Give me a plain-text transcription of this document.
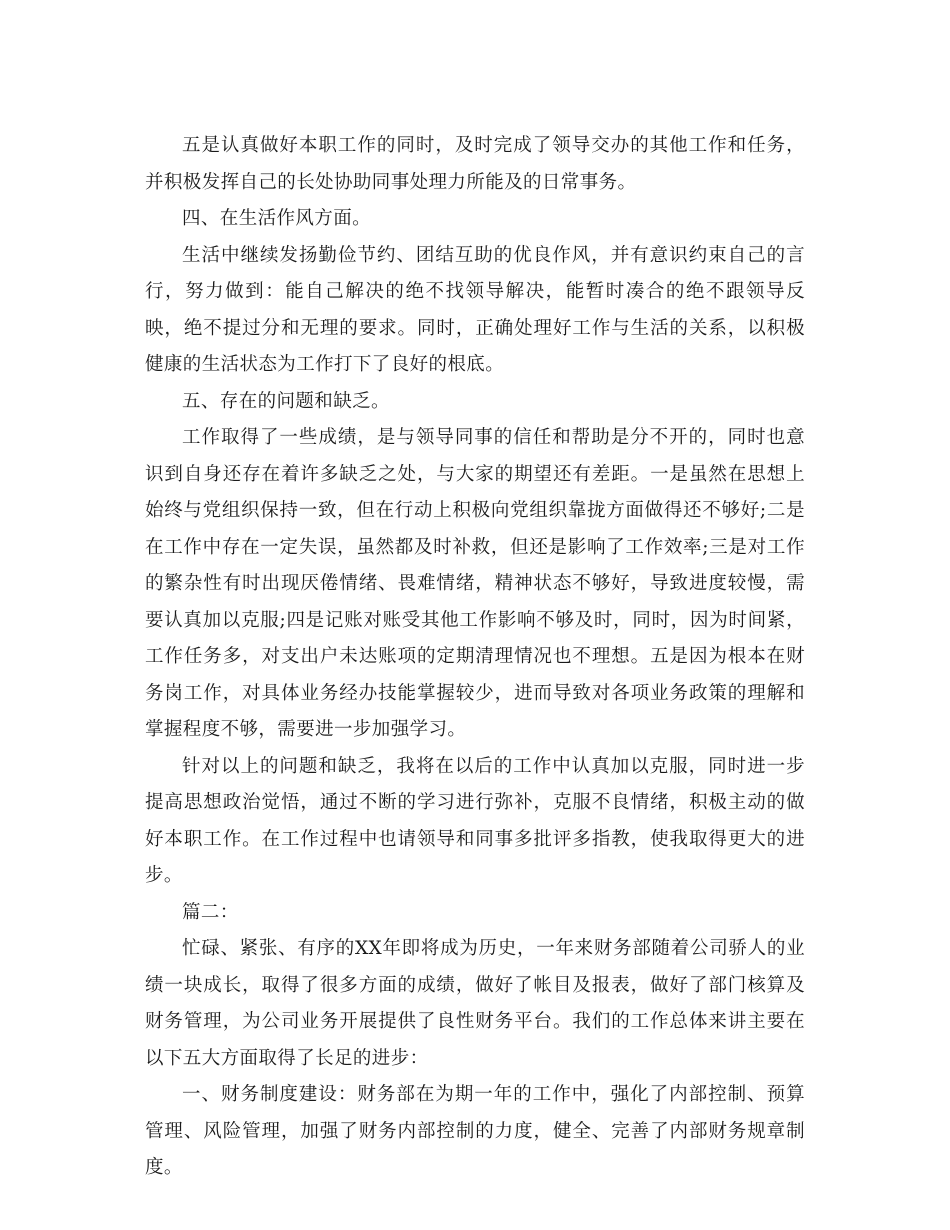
五是认真做好本职工作的同时，及时完成了领导交办的其他工作和任务，并积极发挥自己的长处协助同事处理力所能及的日常事务。

四、在生活作风方面。

生活中继续发扬勤俭节约、团结互助的优良作风，并有意识约束自己的言行，努力做到：能自己解决的绝不找领导解决，能暂时凑合的绝不跟领导反映，绝不提过分和无理的要求。同时，正确处理好工作与生活的关系，以积极健康的生活状态为工作打下了良好的根底。

五、存在的问题和缺乏。

工作取得了一些成绩，是与领导同事的信任和帮助是分不开的，同时也意识到自身还存在着许多缺乏之处，与大家的期望还有差距。一是虽然在思想上始终与党组织保持一致，但在行动上积极向党组织靠拢方面做得还不够好;二是在工作中存在一定失误，虽然都及时补救，但还是影响了工作效率;三是对工作的繁杂性有时出现厌倦情绪、畏难情绪，精神状态不够好，导致进度较慢，需要认真加以克服;四是记账对账受其他工作影响不够及时，同时，因为时间紧，工作任务多，对支出户未达账项的定期清理情况也不理想。五是因为根本在财务岗工作，对具体业务经办技能掌握较少，进而导致对各项业务政策的理解和掌握程度不够，需要进一步加强学习。

针对以上的问题和缺乏，我将在以后的工作中认真加以克服，同时进一步提高思想政治觉悟，通过不断的学习进行弥补，克服不良情绪，积极主动的做好本职工作。在工作过程中也请领导和同事多批评多指教，使我取得更大的进步。

篇二：

忙碌、紧张、有序的XX年即将成为历史，一年来财务部随着公司骄人的业绩一块成长，取得了很多方面的成绩，做好了帐目及报表，做好了部门核算及财务管理，为公司业务开展提供了良性财务平台。我们的工作总体来讲主要在以下五大方面取得了长足的进步：

一、财务制度建设：财务部在为期一年的工作中，强化了内部控制、预算管理、风险管理，加强了财务内部控制的力度，健全、完善了内部财务规章制度。
